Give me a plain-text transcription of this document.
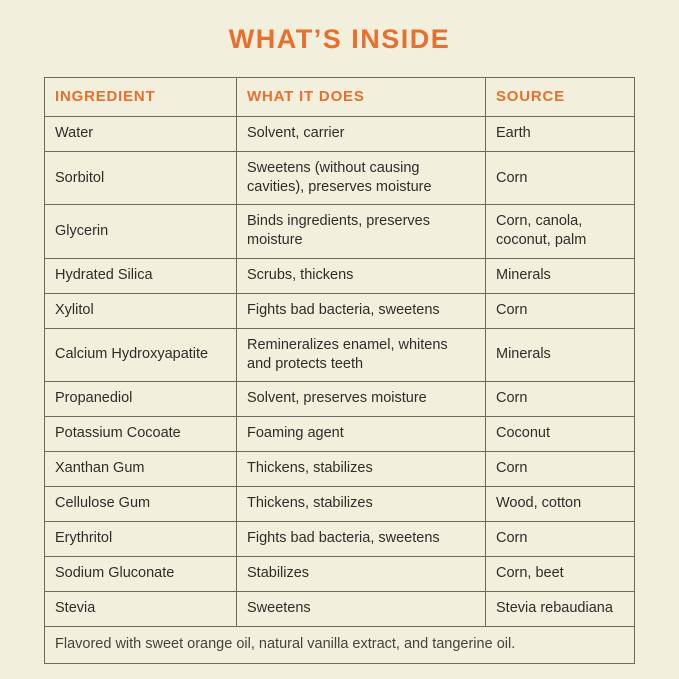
WHAT’S INSIDE
INGREDIENT	WHAT IT DOES	SOURCE
Water	Solvent, carrier	Earth
Sorbitol	Sweetens (without causing cavities), preserves moisture	Corn
Glycerin	Binds ingredients, preserves moisture	Corn, canola, coconut, palm
Hydrated Silica	Scrubs, thickens	Minerals
Xylitol	Fights bad bacteria, sweetens	Corn
Calcium Hydroxyapatite	Remineralizes enamel, whitens and protects teeth	Minerals
Propanediol	Solvent, preserves moisture	Corn
Potassium Cocoate	Foaming agent	Coconut
Xanthan Gum	Thickens, stabilizes	Corn
Cellulose Gum	Thickens, stabilizes	Wood, cotton
Erythritol	Fights bad bacteria, sweetens	Corn
Sodium Gluconate	Stabilizes	Corn, beet
Stevia	Sweetens	Stevia rebaudiana
Flavored with sweet orange oil, natural vanilla extract, and tangerine oil.		
